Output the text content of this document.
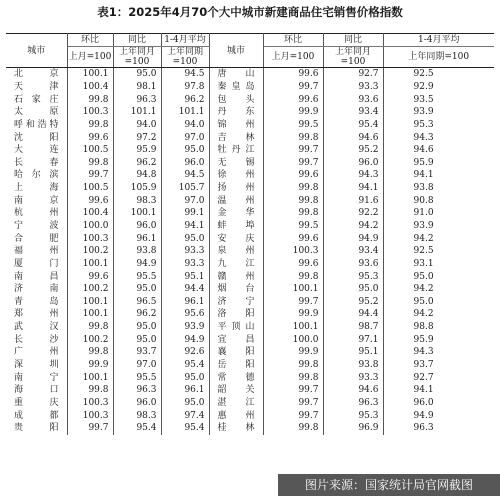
表1：2025年4月70个大中城市新建商品住宅销售价格指数
城市	环比	同比	1-4月平均	城市	环比	同比	1-4月平均
	上月=100	上年同月=100	上年同期=100		上月=100	上年同月=100	上年同期=100
北京	100.1	95.0	94.5	唐山	99.6	92.7	92.5
天津	100.4	98.1	97.8	秦皇岛	99.7	93.3	92.9
石家庄	99.8	96.3	96.2	包头	99.6	93.6	93.5
太原	100.3	101.1	101.1	丹东	99.9	93.4	93.9
呼和浩特	99.8	94.0	94.0	锦州	99.5	95.4	95.3
沈阳	99.6	97.2	97.0	吉林	99.8	94.6	94.3
大连	100.5	95.9	95.0	牡丹江	99.7	95.2	94.6
长春	99.8	96.2	96.0	无锡	99.7	96.0	95.9
哈尔滨	99.7	94.8	94.5	徐州	99.6	94.3	94.1
上海	100.5	105.9	105.7	扬州	99.8	94.1	93.8
南京	99.6	98.3	97.0	温州	99.8	91.6	90.8
杭州	100.4	100.1	99.1	金华	99.8	92.2	91.0
宁波	100.0	96.0	94.1	蚌埠	99.5	94.2	93.9
合肥	100.3	96.1	95.0	安庆	99.6	94.9	94.2
福州	100.2	93.8	93.3	泉州	100.3	93.4	92.5
厦门	100.1	94.9	93.3	九江	99.6	93.6	93.1
南昌	99.6	95.5	95.1	赣州	99.8	95.3	95.0
济南	100.2	95.0	94.4	烟台	100.1	95.0	94.2
青岛	100.1	96.5	96.1	济宁	99.7	95.2	95.0
郑州	100.1	96.2	95.6	洛阳	99.9	94.4	94.2
武汉	99.8	95.0	93.9	平顶山	100.1	98.7	98.8
长沙	100.2	95.0	94.9	宜昌	100.0	97.1	95.9
广州	99.8	93.7	92.6	襄阳	99.9	95.1	94.3
深圳	99.9	97.0	95.4	岳阳	99.8	93.8	93.7
南宁	100.1	95.5	95.0	常德	99.8	93.3	92.7
海口	99.8	96.3	96.1	韶关	99.7	94.6	94.1
重庆	100.3	96.0	95.0	湛江	99.7	96.3	96.0
成都	100.3	98.3	97.4	惠州	99.7	95.3	94.9
贵阳	99.7	95.4	95.4	桂林	99.8	96.9	96.3
图片来源：国家统计局官网截图
